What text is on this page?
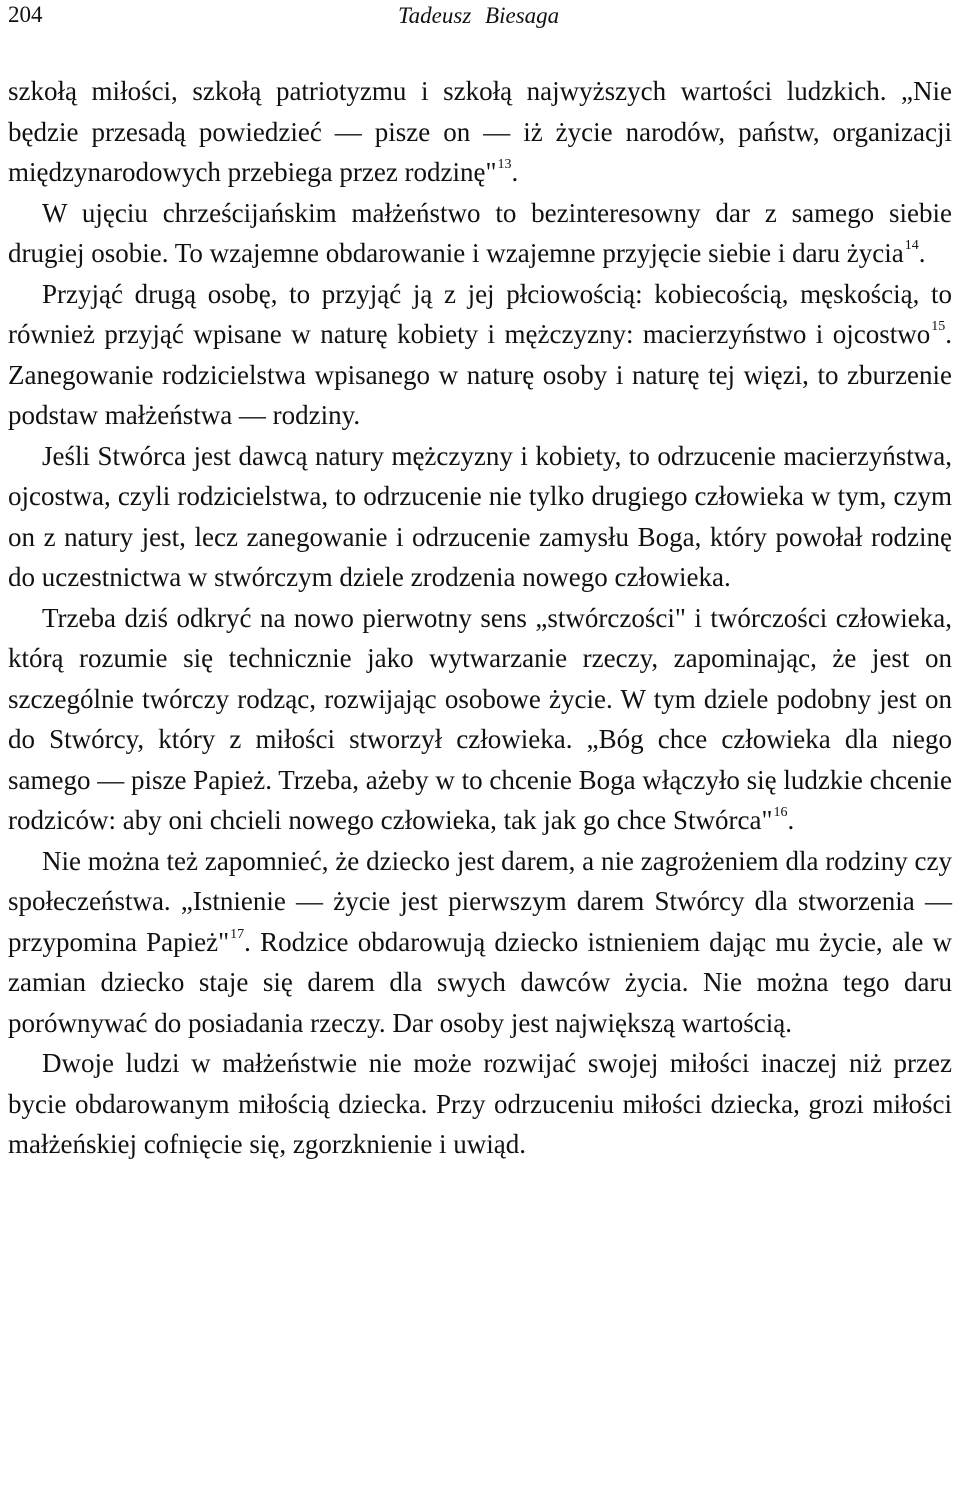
204	Tadeusz Biesaga

szkołą miłości, szkołą patriotyzmu i szkołą najwyższych wartości ludzkich. „Nie będzie przesadą powiedzieć — pisze on — iż życie narodów, państw, organizacji międzynarodowych przebiega przez rodzinę"$^{13}$.

W ujęciu chrześcijańskim małżeństwo to bezinteresowny dar z samego siebie drugiej osobie. To wzajemne obdarowanie i wzajemne przyjęcie siebie i daru życia$^{14}$.

Przyjąć drugą osobę, to przyjąć ją z jej płciowością: kobiecością, męskością, to również przyjąć wpisane w naturę kobiety i mężczyzny: macierzyństwo i ojcostwo$^{15}$. Zanegowanie rodzicielstwa wpisanego w naturę osoby i naturę tej więzi, to zburzenie podstaw małżeństwa — rodziny.

Jeśli Stwórca jest dawcą natury mężczyzny i kobiety, to odrzucenie macierzyństwa, ojcostwa, czyli rodzicielstwa, to odrzucenie nie tylko drugiego człowieka w tym, czym on z natury jest, lecz zanegowanie i odrzucenie zamysłu Boga, który powołał rodzinę do uczestnictwa w stwórczym dziele zrodzenia nowego człowieka.

Trzeba dziś odkryć na nowo pierwotny sens „stwórczości" i twórczości człowieka, którą rozumie się technicznie jako wytwarzanie rzeczy, zapominając, że jest on szczególnie twórczy rodząc, rozwijając osobowe życie. W tym dziele podobny jest on do Stwórcy, który z miłości stworzył człowieka. „Bóg chce człowieka dla niego samego — pisze Papież. Trzeba, ażeby w to chcenie Boga włączyło się ludzkie chcenie rodziców: aby oni chcieli nowego człowieka, tak jak go chce Stwórca"$^{16}$.

Nie można też zapomnieć, że dziecko jest darem, a nie zagrożeniem dla rodziny czy społeczeństwa. „Istnienie — życie jest pierwszym darem Stwórcy dla stworzenia — przypomina Papież"$^{17}$. Rodzice obdarowują dziecko istnieniem dając mu życie, ale w zamian dziecko staje się darem dla swych dawców życia. Nie można tego daru porównywać do posiadania rzeczy. Dar osoby jest największą wartością.

Dwoje ludzi w małżeństwie nie może rozwijać swojej miłości inaczej niż przez bycie obdarowanym miłością dziecka. Przy odrzuceniu miłości dziecka, grozi miłości małżeńskiej cofnięcie się, zgorzknienie i uwiąd.
